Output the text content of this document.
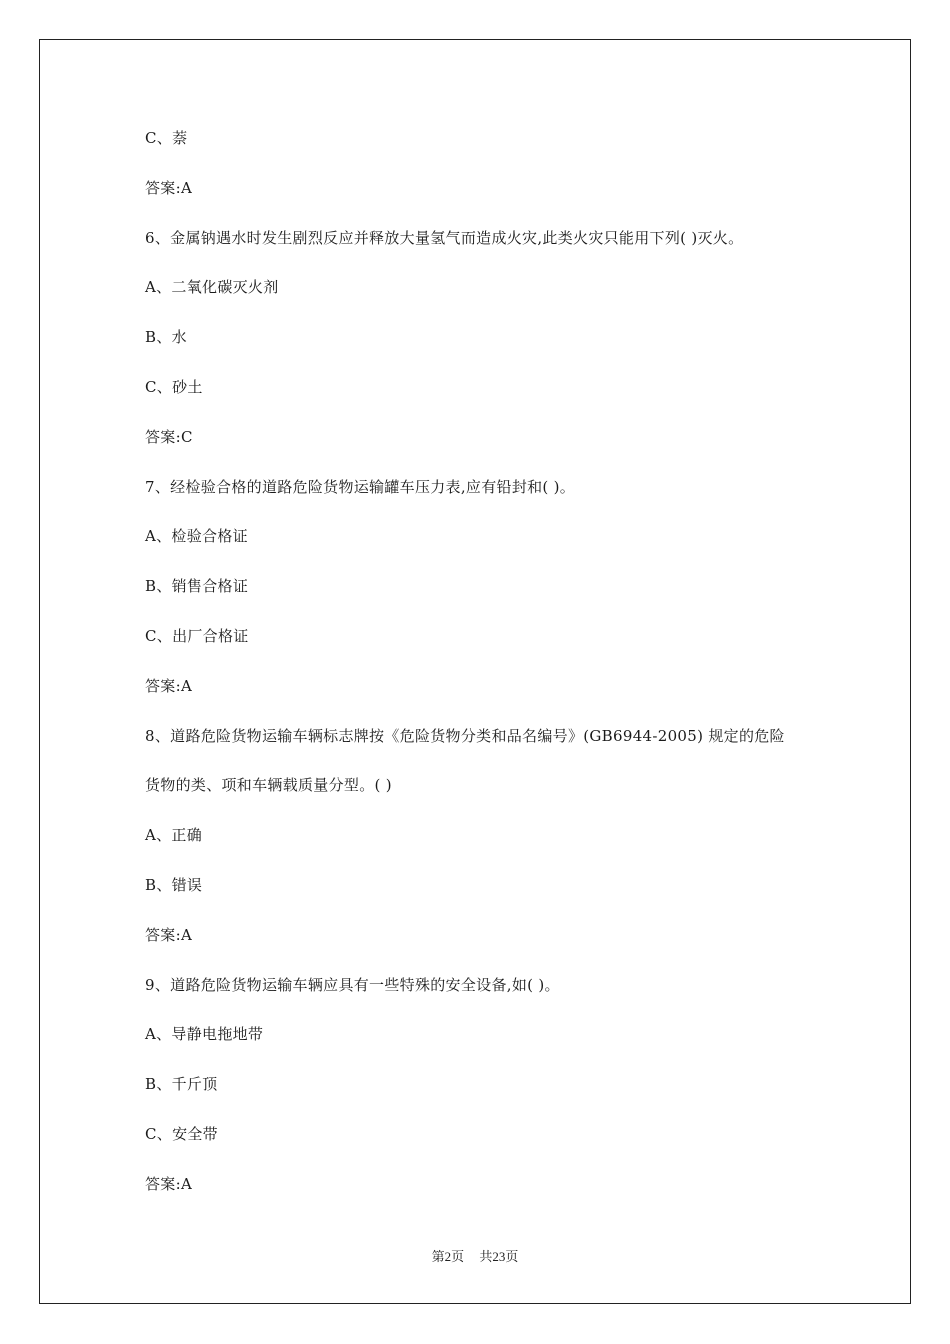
C、萘
答案:A
6、金属钠遇水时发生剧烈反应并释放大量氢气而造成火灾,此类火灾只能用下列( )灭火。
A、二氧化碳灭火剂
B、水
C、砂土
答案:C
7、经检验合格的道路危险货物运输罐车压力表,应有铅封和( )。
A、检验合格证
B、销售合格证
C、出厂合格证
答案:A
8、道路危险货物运输车辆标志牌按《危险货物分类和品名编号》(GB6944-2005) 规定的危险
货物的类、项和车辆载质量分型。( )
A、正确
B、错误
答案:A
9、道路危险货物运输车辆应具有一些特殊的安全设备,如( )。
A、导静电拖地带
B、千斤顶
C、安全带
答案:A
第2页 共23页
